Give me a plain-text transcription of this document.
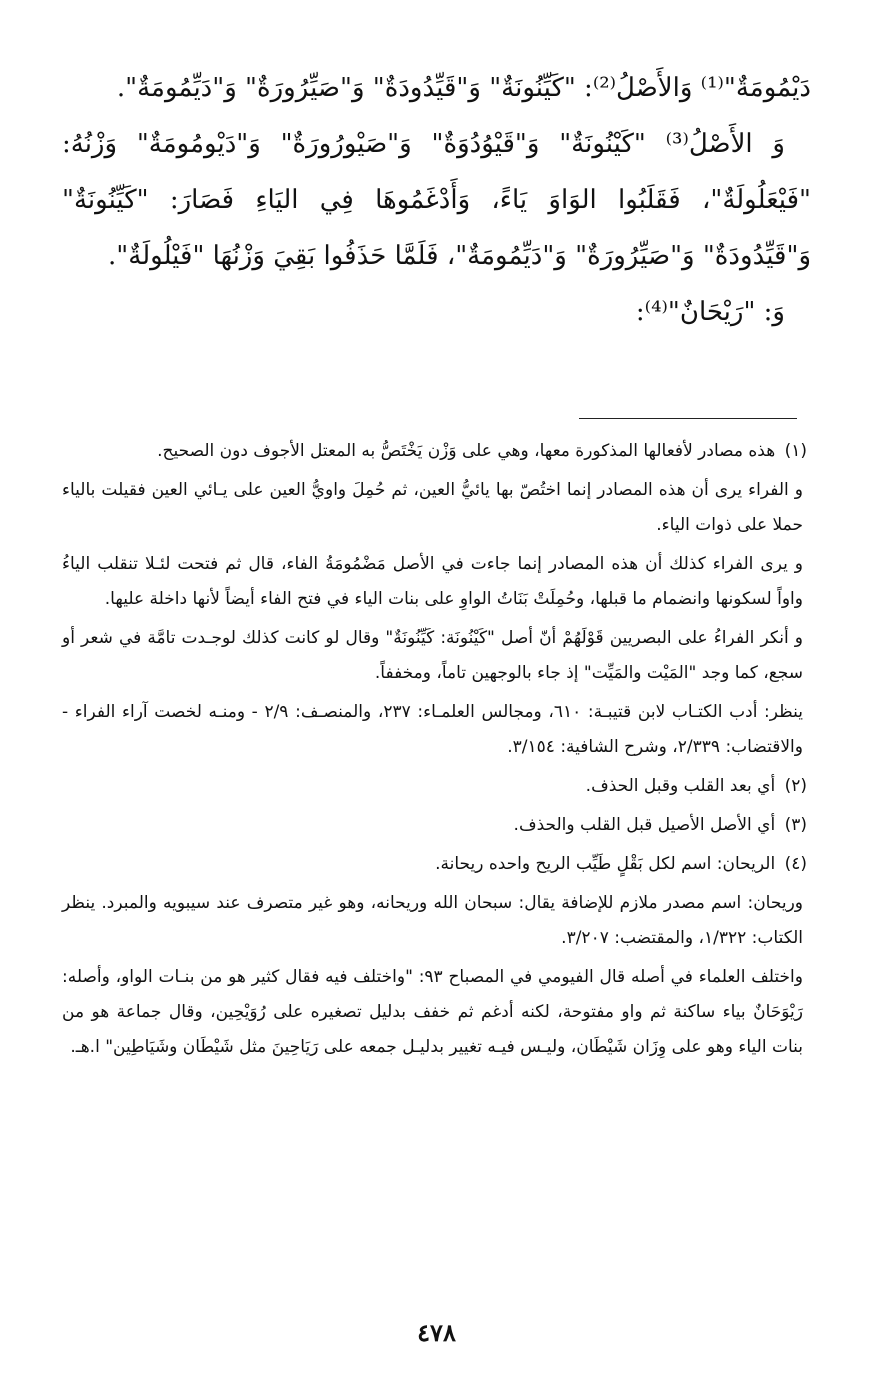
دَيْمُومَةٌ"⁽¹⁾ وَالأَصْلُ⁽²⁾: "كَيِّنُونَةٌ" وَ"قَيِّدُودَةٌ" وَ"صَيِّرُورَةٌ" وَ"دَيِّمُومَةٌ".

وَ الأَصْلُ⁽³⁾ "كَيْنُونَةٌ" وَ"قَيْوُدُوَةٌ" وَ"صَيْورُورَةٌ" وَ"دَيْومُومَةٌ" وَزْنُهُ: "فَيْعَلُولَةٌ"، فَقَلَبُوا الوَاوَ يَاءً، وَأَدْغَمُوهَا فِي اليَاءِ فَصَارَ: "كَيِّنُونَةٌ" وَ"قَيِّدُودَةٌ" وَ"صَيِّرُورَةٌ" وَ"دَيِّمُومَةٌ"، فَلَمَّا حَذَفُوا بَقِيَ وَزْنُهَا "فَيْلُولَةٌ".

وَ: "رَيْحَانٌ"⁽⁴⁾:

(١) هذه مصادر لأفعالها المذكورة معها، وهي على وَزْن يَخْتَصُّ به المعتل الأجوف دون الصحيح.
و الفراء يرى أن هذه المصادر إنما اختُصّ بها يائيُّ العين، ثم حُمِلَ واويُّ العين على يـائي العين فقيلت بالياء حملا على ذوات الياء.
و يرى الفراء كذلك أن هذه المصادر إنما جاءت في الأصل مَضْمُومَةُ الفاء، قال ثم فتحت لئـلا تنقلب الياءُ واواً لسكونها وانضمام ما قبلها، وحُمِلَتْ بَنَاتُ الواوِ على بنات الياء في فتح الفاء أيضاً لأنها داخلة عليها.
و أنكر الفراءُ على البصريين قَوْلَهُمْ أنّ أصل "كَيْنُونَة: كَيِّنُونَةٌ" وقال لو كانت كذلك لوجـدت تامَّة في شعر أو سجع، كما وجد "المَيْت والمَيِّت" إذ جاء بالوجهين تاماً، ومخففاً.
ينظر: أدب الكتـاب لابن قتيبـة: ٦١٠، ومجالس العلمـاء: ٢٣٧، والمنصـف: ٢/٩ - ومنـه لخصت آراء الفراء - والاقتضاب: ٢/٣٣٩، وشرح الشافية: ٣/١٥٤.
(٢) أي بعد القلب وقبل الحذف.
(٣) أي الأصل الأصيل قبل القلب والحذف.
(٤) الريحان: اسم لكل بَقْلٍ طَيِّب الريح واحده ريحانة.
وريحان: اسم مصدر ملازم للإضافة يقال: سبحان الله وريحانه، وهو غير متصرف عند سيبويه والمبرد. ينظر الكتاب: ١/٣٢٢، والمقتضب: ٣/٢٠٧.
واختلف العلماء في أصله قال الفيومي في المصباح ٩٣: "واختلف فيه فقال كثير هو من بنـات الواو، وأصله: رَيْوَحَانٌ بياء ساكنة ثم واو مفتوحة، لكنه أدغم ثم خفف بدليل تصغيره على رُوَيْحِين، وقال جماعة هو من بنات الياء وهو على وِزَان شَيْطَان، وليـس فيـه تغيير بدليـل جمعه على رَيَاحِينَ مثل شَيْطَان وشَيَاطِين" ا.هـ.
٤٧٨
